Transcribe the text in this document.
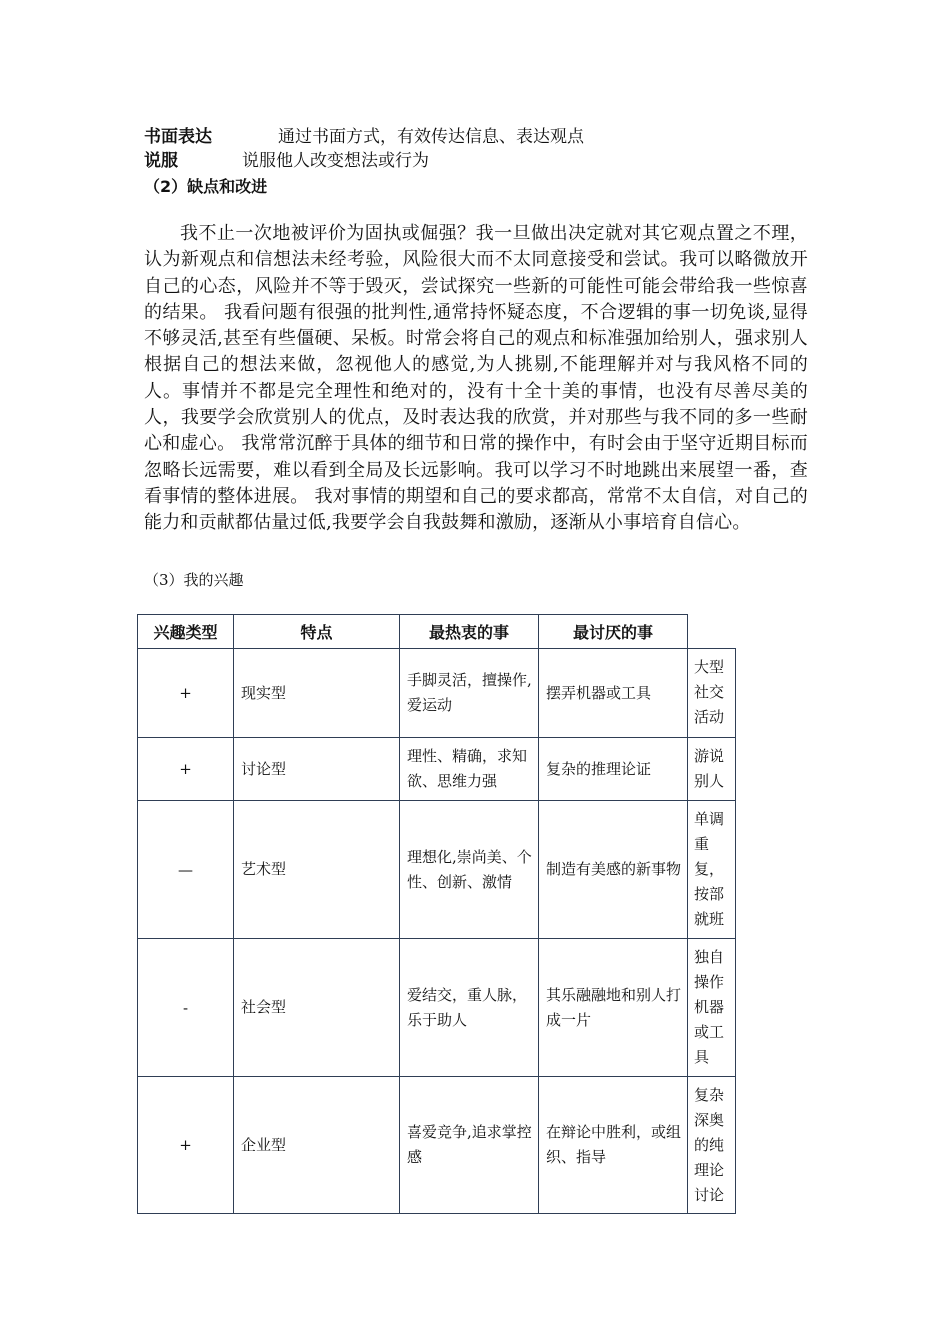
书面表达	通过书面方式，有效传达信息、表达观点
说服	说服他人改变想法或行为
（2）缺点和改进
我不止一次地被评价为固执或倔强？我一旦做出决定就对其它观点置之不理，认为新观点和信想法未经考验，风险很大而不太同意接受和尝试。我可以略微放开自己的心态，风险并不等于毁灭，尝试探究一些新的可能性可能会带给我一些惊喜的结果。 我看问题有很强的批判性,通常持怀疑态度，不合逻辑的事一切免谈,显得不够灵活,甚至有些僵硬、呆板。时常会将自己的观点和标准强加给别人，强求别人根据自己的想法来做，忽视他人的感觉,为人挑剔,不能理解并对与我风格不同的人。事情并不都是完全理性和绝对的，没有十全十美的事情，也没有尽善尽美的人，我要学会欣赏别人的优点，及时表达我的欣赏，并对那些与我不同的多一些耐心和虚心。 我常常沉醉于具体的细节和日常的操作中，有时会由于坚守近期目标而忽略长远需要，难以看到全局及长远影响。我可以学习不时地跳出来展望一番，查看事情的整体进展。 我对事情的期望和自己的要求都高，常常不太自信，对自己的能力和贡献都估量过低,我要学会自我鼓舞和激励，逐渐从小事培育自信心。
（3）我的兴趣
兴趣类型	特点	最热衷的事	最讨厌的事	
+	现实型	手脚灵活，擅操作,爱运动	摆弄机器或工具	大型社交活动
+	讨论型	理性、精确，求知欲、思维力强	复杂的推理论证	游说别人
—	艺术型	理想化,崇尚美、个性、创新、激情	制造有美感的新事物	单调重复，按部就班
-	社会型	爱结交，重人脉，乐于助人	其乐融融地和别人打成一片	独自操作机器或工具
+	企业型	喜爱竞争,追求掌控感	在辩论中胜利，或组织、指导	复杂深奥的纯理论讨论
